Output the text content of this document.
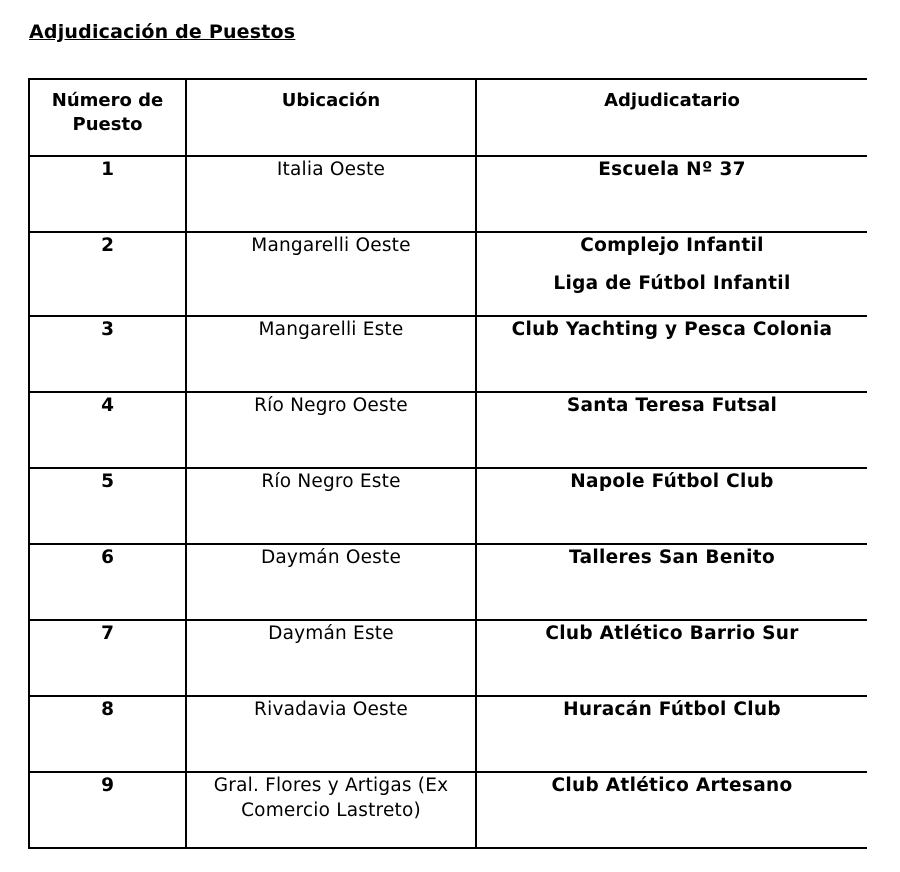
Adjudicación de Puestos
Número de Puesto	Ubicación	Adjudicatario
1	Italia Oeste	Escuela Nº 37

2	Mangarelli Oeste	Complejo Infantil
Liga de Fútbol Infantil

3	Mangarelli Este	Club Yachting y Pesca Colonia

4	Río Negro Oeste	Santa Teresa Futsal

5	Río Negro Este	Napole Fútbol Club

6	Daymán Oeste	Talleres San Benito

7	Daymán Este	Club Atlético Barrio Sur

8	Rivadavia Oeste	Huracán Fútbol Club

9	Gral. Flores y Artigas (Ex Comercio Lastreto)	Club Atlético Artesano
